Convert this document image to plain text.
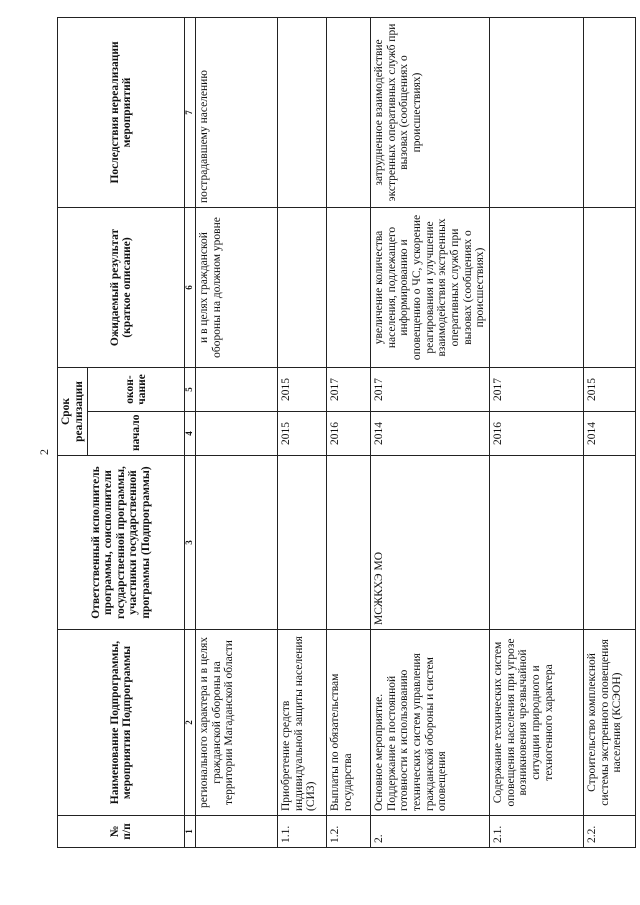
2
№ п/п	Наименование Подпрограммы, мероприятия Подпрограммы	Ответственный исполнитель программы, соисполнители государственной программы, участники государственной программы (Подпрограммы)	Срок реализации		Ожидаемый результат (краткое описание)	Последствия нереализации мероприятий
			начало	окон-чание		
1	2	3	4	5	6	7
	регионального характера и в целях гражданской обороны на территории Магаданской области				и в целях гражданской обороны на должном уровне	пострадавшему населению
1.1.	Приобретение средств индивидуальной защиты населения (СИЗ)		2015	2015		
1.2.	Выплаты по обязательствам государства		2016	2017		
2.	Основное мероприятие. Поддержание в постоянной готовности к использованию технических систем управления гражданской обороны и систем оповещения	МСЖКХЭ МО	2014	2017	увеличение количества населения, подлежащего информированию и оповещению о ЧС, ускорение реагирования и улучшение взаимодействия экстренных оперативных служб при вызовах (сообщениях о происшествиях)	затрудненное взаимодействие экстренных оперативных служб при вызовах (сообщениях о происшествиях)
2.1.	Содержание технических систем оповещения населения при угрозе возникновения чрезвычайной ситуации природного и техногенного характера		2016	2017		
2.2.	Строительство комплексной системы экстренного оповещения населения (КСЭОН)		2014	2015		
